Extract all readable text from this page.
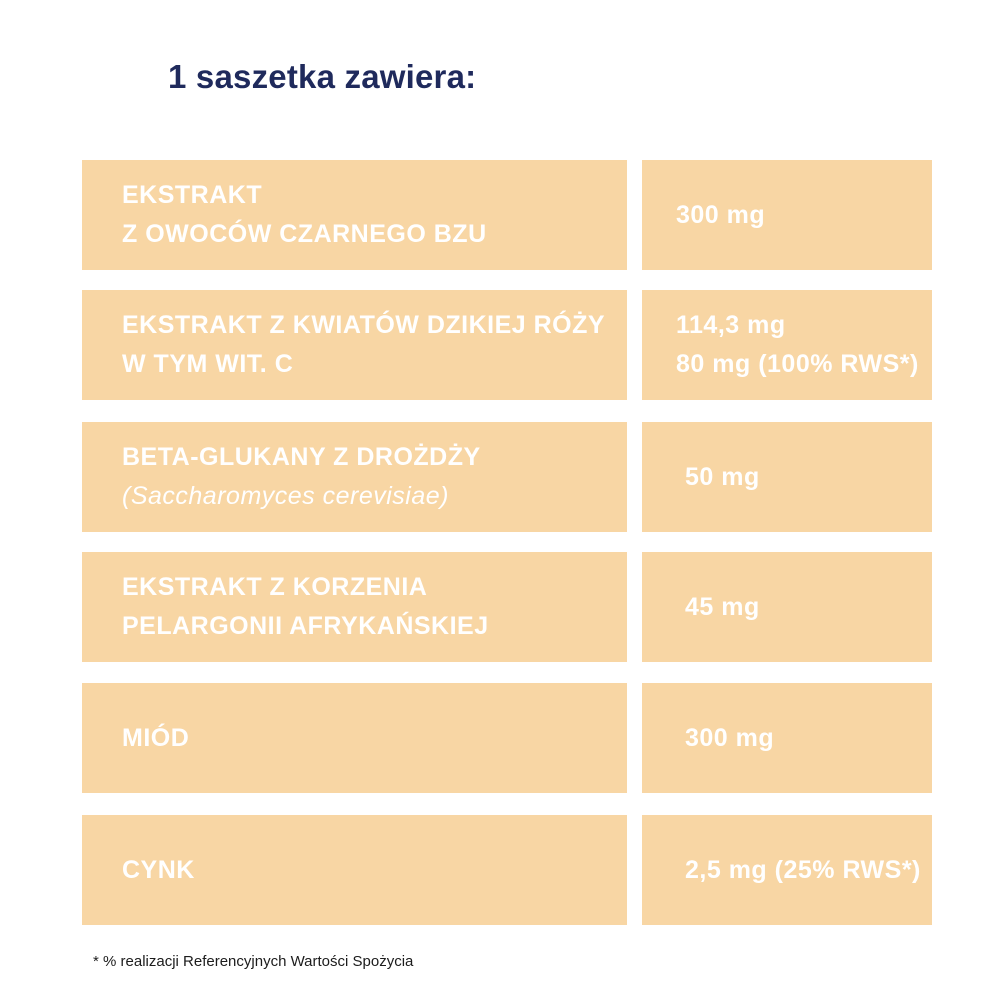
1 saszetka zawiera:
EKSTRAKT
Z OWOCÓW CZARNEGO BZU
300 mg
EKSTRAKT Z KWIATÓW DZIKIEJ RÓŻY
W TYM WIT. C
114,3 mg
80 mg (100% RWS*)
BETA-GLUKANY Z DROŻDŻY
(Saccharomyces cerevisiae)
50 mg
EKSTRAKT Z KORZENIA
PELARGONII AFRYKAŃSKIEJ
45 mg
MIÓD	300 mg
CYNK	2,5 mg (25% RWS*)
* % realizacji Referencyjnych Wartości Spożycia
